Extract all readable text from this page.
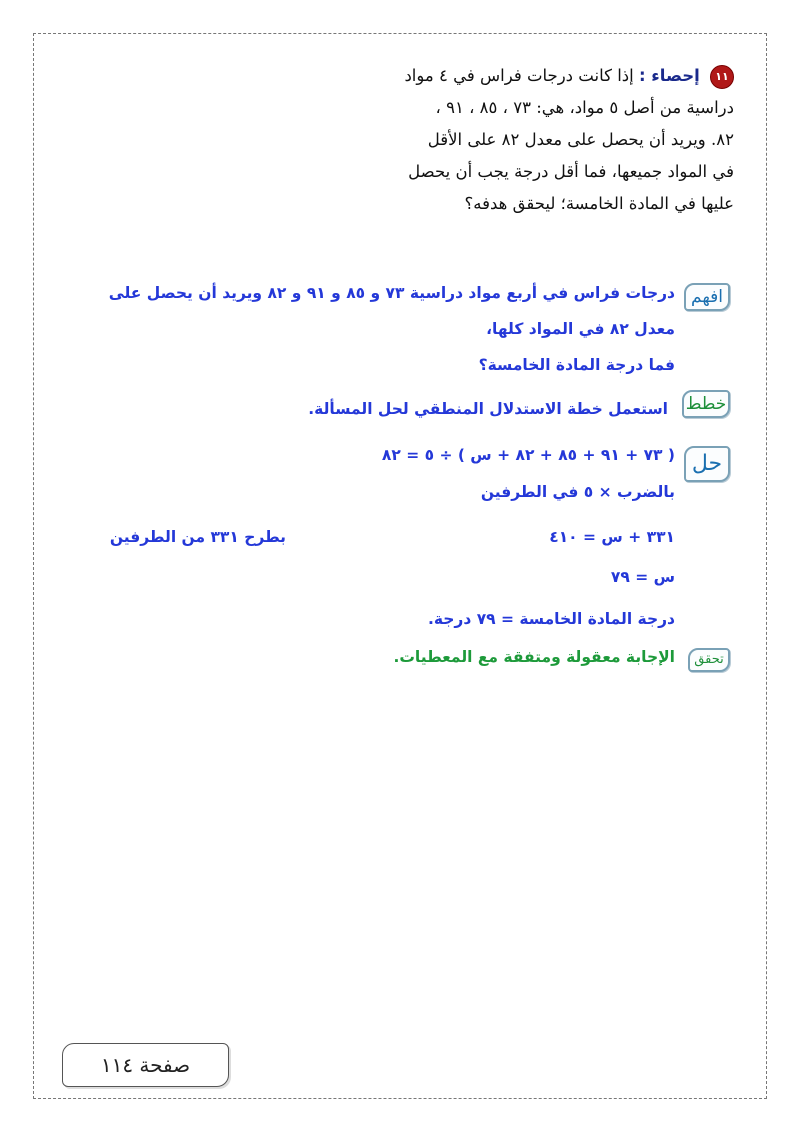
١١ إحصاء : إذا كانت درجات فراس في ٤ مواد
دراسية من أصل ٥ مواد، هي: ٧٣ ، ٨٥ ، ٩١ ،
٨٢. ويريد أن يحصل على معدل ٨٢ على الأقل
في المواد جميعها، فما أقل درجة يجب أن يحصل
عليها في المادة الخامسة؛ ليحقق هدفه؟
افهم
درجات فراس في أربع مواد دراسية ٧٣ و ٨٥ و ٩١ و ٨٢ ويريد أن يحصل على
معدل ٨٢ في المواد كلها،
فما درجة المادة الخامسة؟
خطط
استعمل خطة الاستدلال المنطقي لحل المسألة.
حل
( ٧٣ + ٩١ + ٨٥ + ٨٢ + س ) ÷ ٥ = ٨٢
بالضرب × ٥ في الطرفين
٣٣١ + س = ٤١٠
بطرح ٣٣١ من الطرفين
س = ٧٩
درجة المادة الخامسة = ٧٩ درجة.
تحقق
الإجابة معقولة ومتفقة مع المعطيات.
صفحة ١١٤
